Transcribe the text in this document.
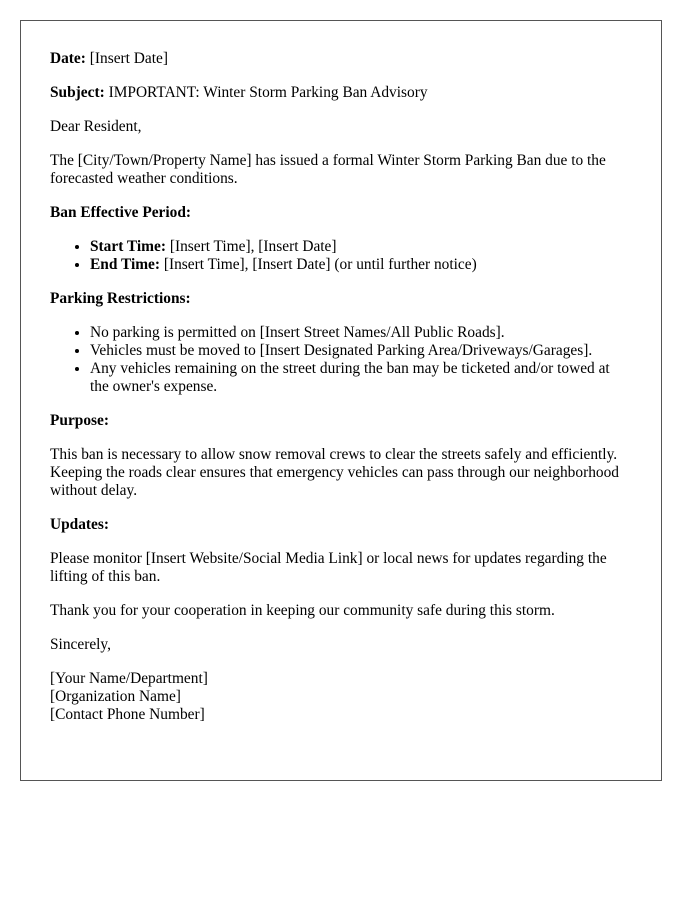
Date: [Insert Date]

Subject: IMPORTANT: Winter Storm Parking Ban Advisory

Dear Resident,

The [City/Town/Property Name] has issued a formal Winter Storm Parking Ban due to the forecasted weather conditions.

Ban Effective Period:

• Start Time: [Insert Time], [Insert Date]
• End Time: [Insert Time], [Insert Date] (or until further notice)

Parking Restrictions:

• No parking is permitted on [Insert Street Names/All Public Roads].
• Vehicles must be moved to [Insert Designated Parking Area/Driveways/Garages].
• Any vehicles remaining on the street during the ban may be ticketed and/or towed at the owner's expense.

Purpose:

This ban is necessary to allow snow removal crews to clear the streets safely and efficiently. Keeping the roads clear ensures that emergency vehicles can pass through our neighborhood without delay.

Updates:

Please monitor [Insert Website/Social Media Link] or local news for updates regarding the lifting of this ban.

Thank you for your cooperation in keeping our community safe during this storm.

Sincerely,

[Your Name/Department]
[Organization Name]
[Contact Phone Number]
